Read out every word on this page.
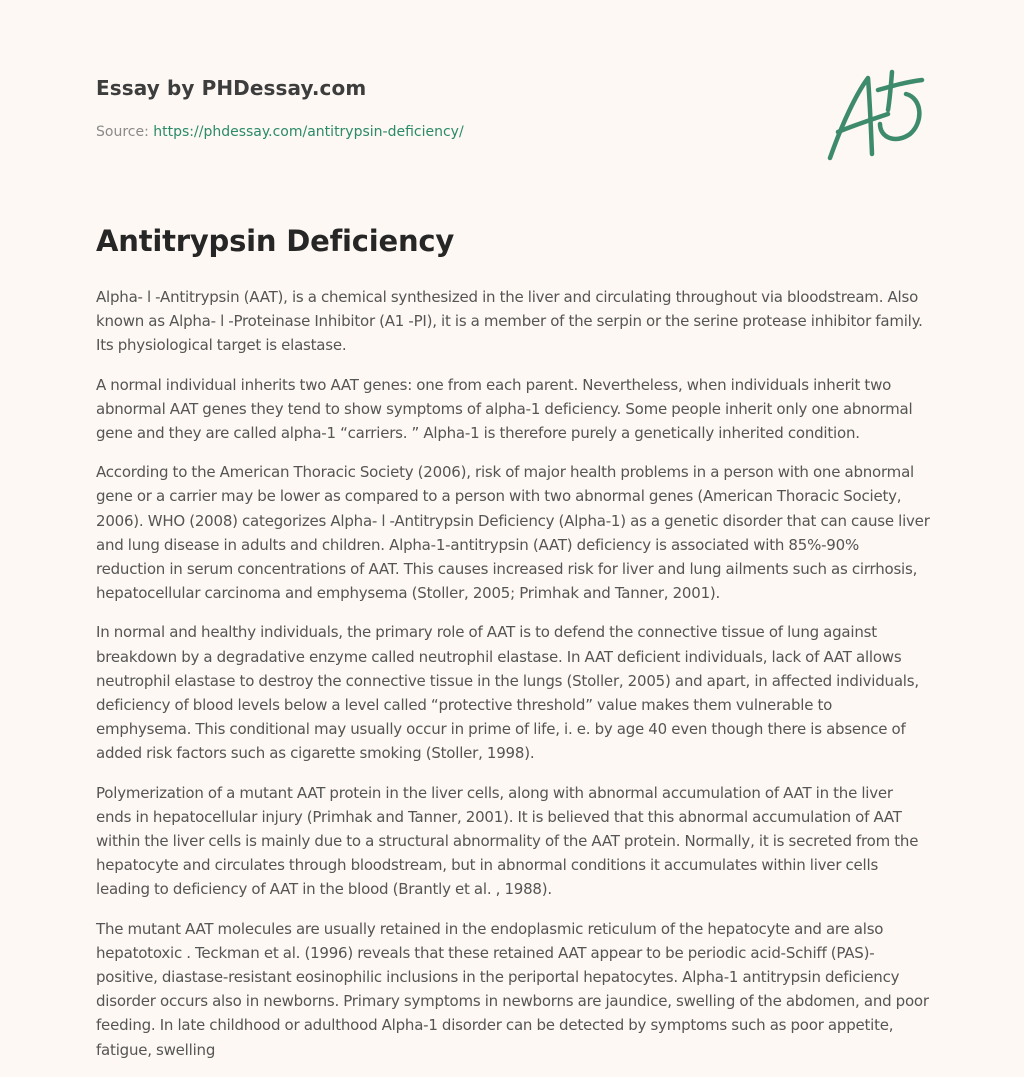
Essay by PHDessay.com

Source: https://phdessay.com/antitrypsin-deficiency/

Antitrypsin Deficiency

Alpha- l -Antitrypsin (AAT), is a chemical synthesized in the liver and circulating throughout via bloodstream. Also known as Alpha- l -Proteinase Inhibitor (A1 -PI), it is a member of the serpin or the serine protease inhibitor family. Its physiological target is elastase.

A normal individual inherits two AAT genes: one from each parent. Nevertheless, when individuals inherit two abnormal AAT genes they tend to show symptoms of alpha-1 deficiency. Some people inherit only one abnormal gene and they are called alpha-1 “carriers. ” Alpha-1 is therefore purely a genetically inherited condition.

According to the American Thoracic Society (2006), risk of major health problems in a person with one abnormal gene or a carrier may be lower as compared to a person with two abnormal genes (American Thoracic Society, 2006). WHO (2008) categorizes Alpha- l -Antitrypsin Deficiency (Alpha-1) as a genetic disorder that can cause liver and lung disease in adults and children. Alpha-1-antitrypsin (AAT) deficiency is associated with 85%-90% reduction in serum concentrations of AAT. This causes increased risk for liver and lung ailments such as cirrhosis, hepatocellular carcinoma and emphysema (Stoller, 2005; Primhak and Tanner, 2001).

In normal and healthy individuals, the primary role of AAT is to defend the connective tissue of lung against breakdown by a degradative enzyme called neutrophil elastase. In AAT deficient individuals, lack of AAT allows neutrophil elastase to destroy the connective tissue in the lungs (Stoller, 2005) and apart, in affected individuals, deficiency of blood levels below a level called “protective threshold” value makes them vulnerable to emphysema. This conditional may usually occur in prime of life, i. e. by age 40 even though there is absence of added risk factors such as cigarette smoking (Stoller, 1998).

Polymerization of a mutant AAT protein in the liver cells, along with abnormal accumulation of AAT in the liver ends in hepatocellular injury (Primhak and Tanner, 2001). It is believed that this abnormal accumulation of AAT within the liver cells is mainly due to a structural abnormality of the AAT protein. Normally, it is secreted from the hepatocyte and circulates through bloodstream, but in abnormal conditions it accumulates within liver cells leading to deficiency of AAT in the blood (Brantly et al. , 1988).

The mutant AAT molecules are usually retained in the endoplasmic reticulum of the hepatocyte and are also hepatotoxic . Teckman et al. (1996) reveals that these retained AAT appear to be periodic acid-Schiff (PAS)-positive, diastase-resistant eosinophilic inclusions in the periportal hepatocytes. Alpha-1 antitrypsin deficiency disorder occurs also in newborns. Primary symptoms in newborns are jaundice, swelling of the abdomen, and poor feeding. In late childhood or adulthood Alpha-1 disorder can be detected by symptoms such as poor appetite, fatigue, swelling
